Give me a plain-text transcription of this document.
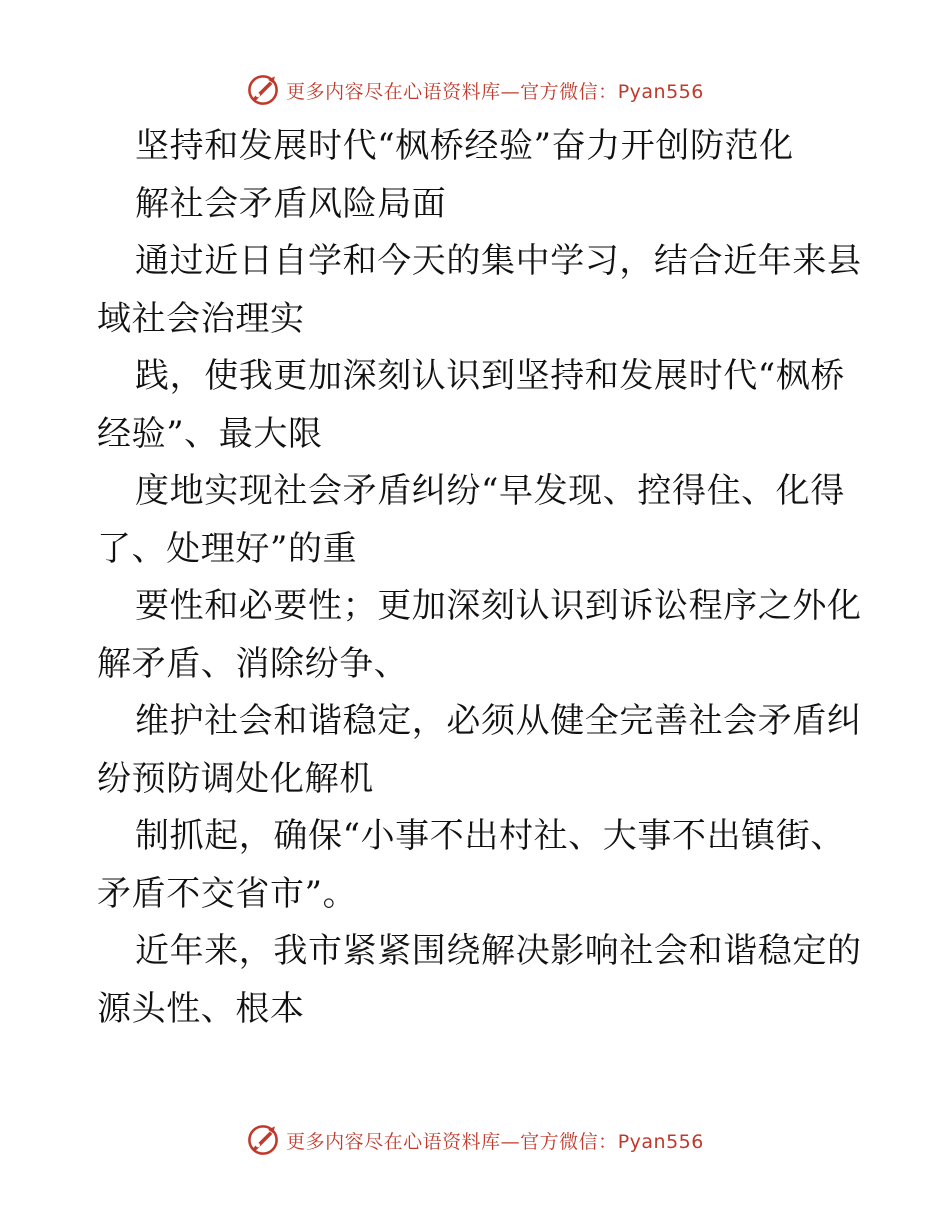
更多内容尽在心语资料库—官方微信：Pyan556
坚持和发展时代“枫桥经验”奋力开创防范化
解社会矛盾风险局面
通过近日自学和今天的集中学习，结合近年来县
域社会治理实
践，使我更加深刻认识到坚持和发展时代“枫桥
经验”、最大限
度地实现社会矛盾纠纷“早发现、控得住、化得
了、处理好”的重
要性和必要性；更加深刻认识到诉讼程序之外化
解矛盾、消除纷争、
维护社会和谐稳定，必须从健全完善社会矛盾纠
纷预防调处化解机
制抓起，确保“小事不出村社、大事不出镇街、
矛盾不交省市”。
近年来，我市紧紧围绕解决影响社会和谐稳定的
源头性、根本
更多内容尽在心语资料库—官方微信：Pyan556
